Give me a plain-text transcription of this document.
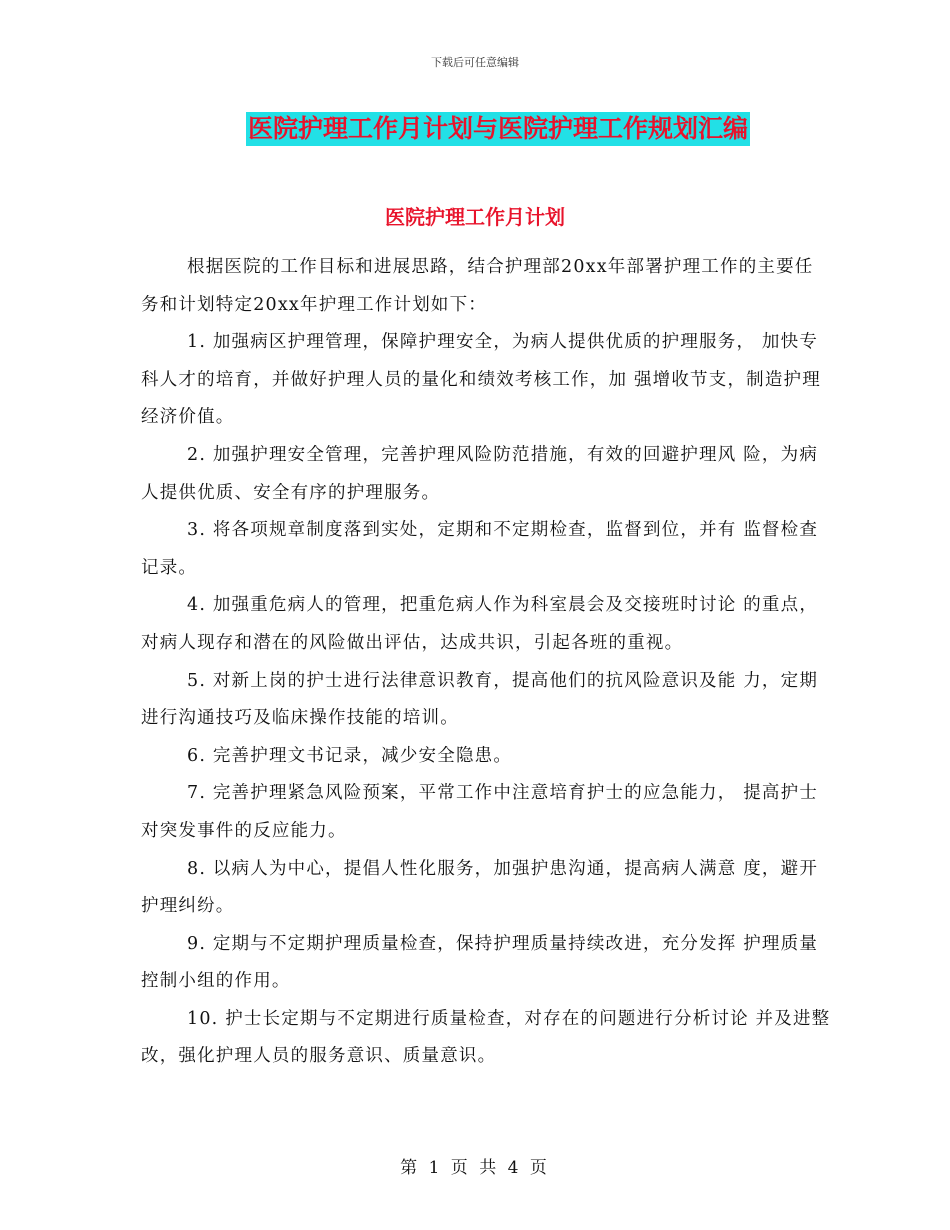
下载后可任意编辑
医院护理工作月计划与医院护理工作规划汇编
医院护理工作月计划

根据医院的工作目标和进展思路，结合护理部20xx年部署护理工作的主要任务和计划特定20xx年护理工作计划如下：

1. 加强病区护理管理，保障护理安全，为病人提供优质的护理服务， 加快专科人才的培育，并做好护理人员的量化和绩效考核工作，加 强增收节支，制造护理经济价值。

2. 加强护理安全管理，完善护理风险防范措施，有效的回避护理风 险，为病人提供优质、安全有序的护理服务。

3. 将各项规章制度落到实处，定期和不定期检查，监督到位，并有 监督检查记录。

4. 加强重危病人的管理，把重危病人作为科室晨会及交接班时讨论 的重点，对病人现存和潜在的风险做出评估，达成共识，引起各班的重视。

5. 对新上岗的护士进行法律意识教育，提高他们的抗风险意识及能 力，定期进行沟通技巧及临床操作技能的培训。

6. 完善护理文书记录，减少安全隐患。

7. 完善护理紧急风险预案，平常工作中注意培育护士的应急能力， 提高护士对突发事件的反应能力。

8. 以病人为中心，提倡人性化服务，加强护患沟通，提高病人满意 度，避开护理纠纷。

9. 定期与不定期护理质量检查，保持护理质量持续改进，充分发挥 护理质量控制小组的作用。

10. 护士长定期与不定期进行质量检查，对存在的问题进行分析讨论 并及进整改，强化护理人员的服务意识、质量意识。

第 1 页 共 4 页
